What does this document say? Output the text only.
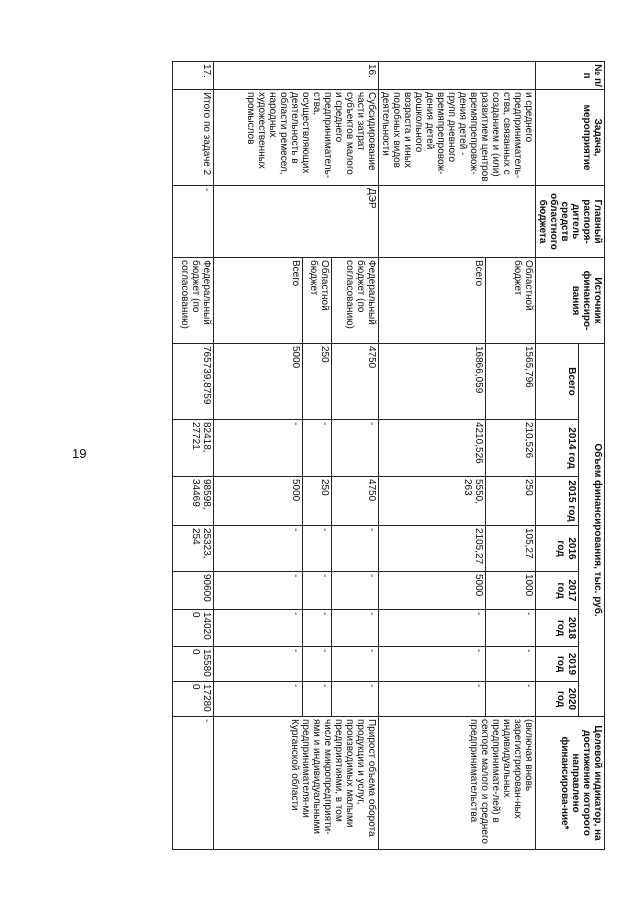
19
№ п/п	Задача, мероприятие	Главный распоря-дитель средств областного бюджета	Источник финансиро-вания	Объем финансирования, тыс. руб.								Целевой индикатор, на достижение которого направлено финансирова-ние*
				Всего	2014 год	2015 год	2016 год	2017 год	2018 год	2019 год	2020 год	
	и среднего предприниматель-ства, связанных с созданием и (или) развитием центров времяпрепровож-дения детей - групп дневного времяпрепровож-дения детей дошкольного возраста и иных подобных видов деятельности		Областной бюджет	1565,796	210,526	250	105,27	1000	-	-	-	(включая вновь зарегистрирован-ных индивидуальных предпринимате-лей) в секторе малого и среднего предпринимательства
			Всего	16866,059	4210,526	5550, 263	2105,27	5000	-	-	-	
16.	Субсидирование части затрат субъектов малого и среднего предприниматель-ства, осуществляющих деятельность в области ремесел, народных художественных промыслов	ДЭР	Федеральный бюджет (по согласованию)	4750	-	4750	-	-	-	-	-	Прирост объема оборота продукции и услуг, производимых малыми предприятиями, в том числе микропредприяти-ями и индивидуальными предпринимателя-ми Курганской области
			Областной бюджет	250	-	250	-	-	-	-	-	
			Всего	5000	-	5000	-	-	-	-	-	
17.	Итого по задаче 2	-	Федеральный бюджет (по согласованию)	765739,8759	82418, 27721	98598, 34469	25323, 254	90600	140200	155800	172800	-
